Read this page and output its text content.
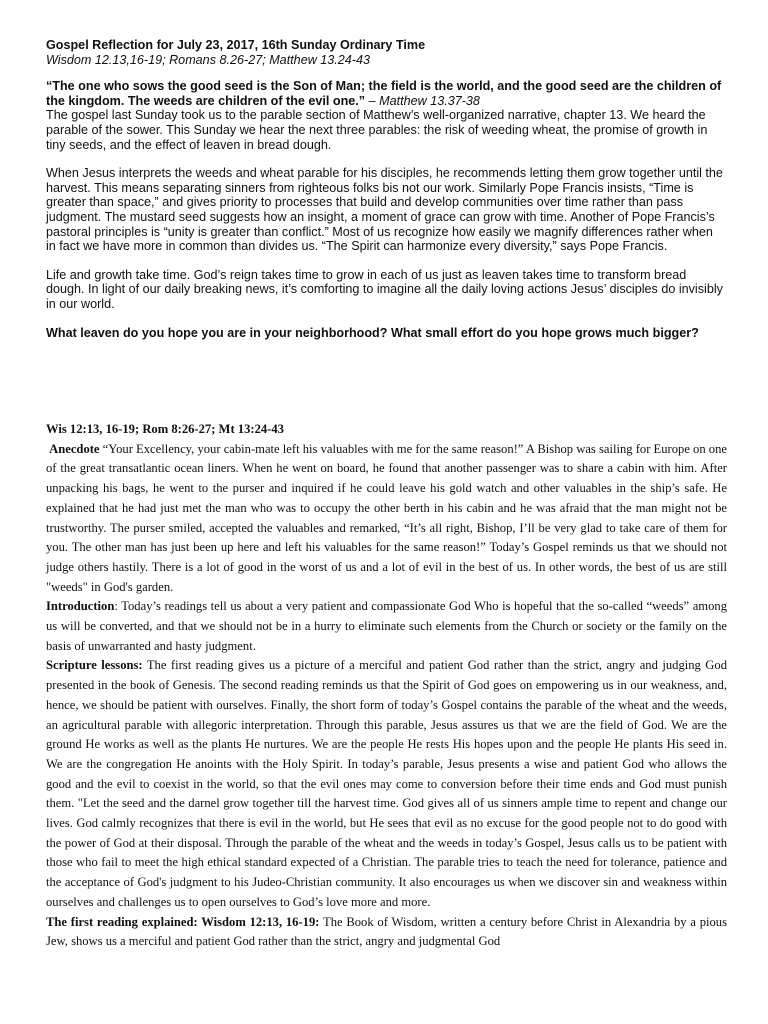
Gospel Reflection for July 23, 2017, 16th Sunday Ordinary Time

Wisdom 12.13,16-19; Romans 8.26-27; Matthew 13.24-43

“The one who sows the good seed is the Son of Man; the field is the world, and the good seed are the children of the kingdom. The weeds are children of the evil one.” – Matthew 13.37-38

The gospel last Sunday took us to the parable section of Matthew’s well-organized narrative, chapter 13. We heard the parable of the sower. This Sunday we hear the next three parables: the risk of weeding wheat, the promise of growth in tiny seeds, and the effect of leaven in bread dough.

When Jesus interprets the weeds and wheat parable for his disciples, he recommends letting them grow together until the harvest. This means separating sinners from righteous folks bis not our work. Similarly Pope Francis insists, “Time is greater than space,” and gives priority to processes that build and develop communities over time rather than pass judgment. The mustard seed suggests how an insight, a moment of grace can grow with time. Another of Pope Francis’s pastoral principles is “unity is greater than conflict.” Most of us recognize how easily we magnify differences rather when in fact we have more in common than divides us. “The Spirit can harmonize every diversity,” says Pope Francis.

Life and growth take time. God’s reign takes time to grow in each of us just as leaven takes time to transform bread dough. In light of our daily breaking news, it’s comforting to imagine all the daily loving actions Jesus’ disciples do invisibly in our world.

What leaven do you hope you are in your neighborhood? What small effort do you hope grows much bigger?

Wis 12:13, 16-19; Rom 8:26-27; Mt 13:24-43

Anecdote “Your Excellency, your cabin-mate left his valuables with me for the same reason!” A Bishop was sailing for Europe on one of the great transatlantic ocean liners. When he went on board, he found that another passenger was to share a cabin with him. After unpacking his bags, he went to the purser and inquired if he could leave his gold watch and other valuables in the ship’s safe. He explained that he had just met the man who was to occupy the other berth in his cabin and he was afraid that the man might not be trustworthy. The purser smiled, accepted the valuables and remarked, “It’s all right, Bishop, I’ll be very glad to take care of them for you. The other man has just been up here and left his valuables for the same reason!” Today’s Gospel reminds us that we should not judge others hastily. There is a lot of good in the worst of us and a lot of evil in the best of us. In other words, the best of us are still "weeds" in God's garden.

Introduction: Today’s readings tell us about a very patient and compassionate God Who is hopeful that the so-called “weeds” among us will be converted, and that we should not be in a hurry to eliminate such elements from the Church or society or the family on the basis of unwarranted and hasty judgment.

Scripture lessons: The first reading gives us a picture of a merciful and patient God rather than the strict, angry and judging God presented in the book of Genesis. The second reading reminds us that the Spirit of God goes on empowering us in our weakness, and, hence, we should be patient with ourselves. Finally, the short form of today’s Gospel contains the parable of the wheat and the weeds, an agricultural parable with allegoric interpretation. Through this parable, Jesus assures us that we are the field of God. We are the ground He works as well as the plants He nurtures. We are the people He rests His hopes upon and the people He plants His seed in. We are the congregation He anoints with the Holy Spirit. In today’s parable, Jesus presents a wise and patient God who allows the good and the evil to coexist in the world, so that the evil ones may come to conversion before their time ends and God must punish them. "Let the seed and the darnel grow together till the harvest time. God gives all of us sinners ample time to repent and change our lives. God calmly recognizes that there is evil in the world, but He sees that evil as no excuse for the good people not to do good with the power of God at their disposal. Through the parable of the wheat and the weeds in today’s Gospel, Jesus calls us to be patient with those who fail to meet the high ethical standard expected of a Christian. The parable tries to teach the need for tolerance, patience and the acceptance of God's judgment to his Judeo-Christian community. It also encourages us when we discover sin and weakness within ourselves and challenges us to open ourselves to God’s love more and more.

The first reading explained: Wisdom 12:13, 16-19: The Book of Wisdom, written a century before Christ in Alexandria by a pious Jew, shows us a merciful and patient God rather than the strict, angry and judgmental God
